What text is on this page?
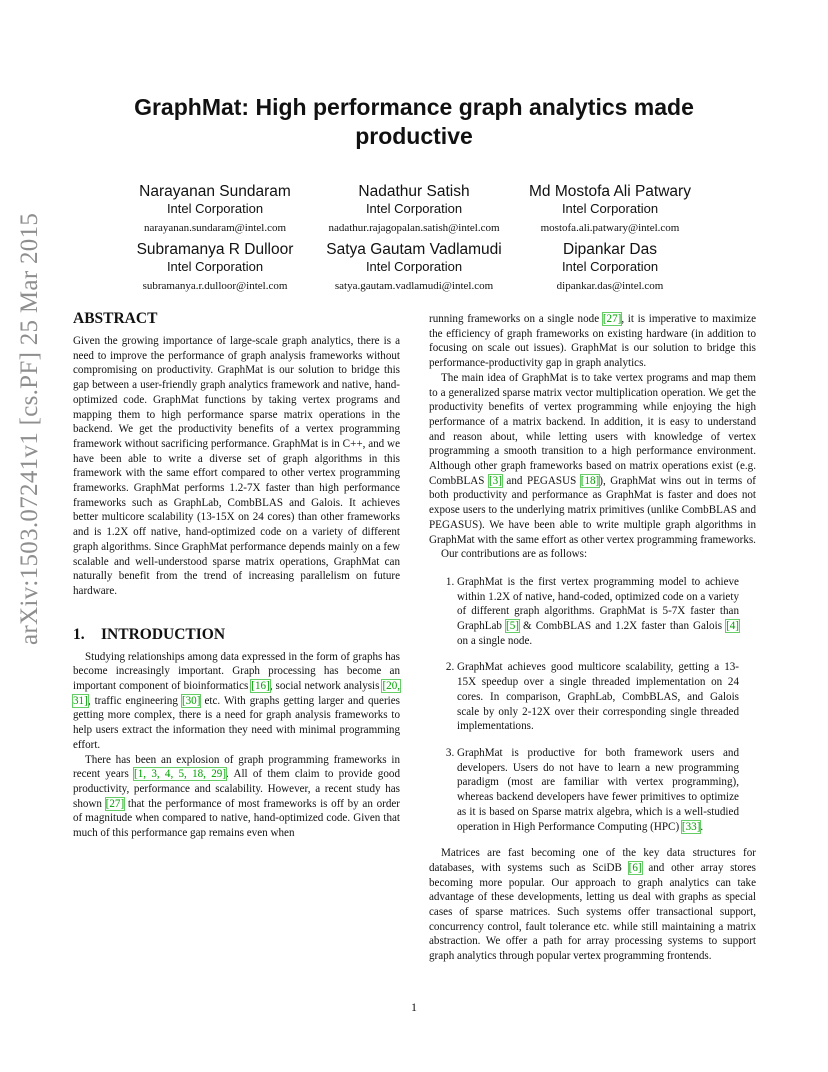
GraphMat: High performance graph analytics made productive
Narayanan Sundaram
Intel Corporation
narayanan.sundaram@intel.com
Nadathur Satish
Intel Corporation
nadathur.rajagopalan.satish@intel.com
Md Mostofa Ali Patwary
Intel Corporation
mostofa.ali.patwary@intel.com
Subramanya R Dulloor
Intel Corporation
subramanya.r.dulloor@intel.com
Satya Gautam Vadlamudi
Intel Corporation
satya.gautam.vadlamudi@intel.com
Dipankar Das
Intel Corporation
dipankar.das@intel.com
arXiv:1503.07241v1 [cs.PF] 25 Mar 2015 ABSTRACT

Given the growing importance of large-scale graph analytics, there is a need to improve the performance of graph analysis frameworks without compromising on productivity. GraphMat is our solution to bridge this gap between a user-friendly graph analytics framework and native, hand-optimized code. GraphMat functions by taking vertex programs and mapping them to high performance sparse matrix operations in the backend. We get the productivity benefits of a vertex programming framework without sacrificing performance. GraphMat is in C++, and we have been able to write a diverse set of graph algorithms in this framework with the same effort compared to other vertex programming frameworks. GraphMat performs 1.2-7X faster than high performance frameworks such as GraphLab, CombBLAS and Galois. It achieves better multicore scalability (13-15X on 24 cores) than other frameworks and is 1.2X off native, hand-optimized code on a variety of different graph algorithms. Since GraphMat performance depends mainly on a few scalable and well-understood sparse matrix operations, GraphMat can naturally benefit from the trend of increasing parallelism on future hardware.

1. INTRODUCTION

Studying relationships among data expressed in the form of graphs has become increasingly important. Graph processing has become an important component of bioinformatics [16], social network analysis [20, 31], traffic engineering [30] etc. With graphs getting larger and queries getting more complex, there is a need for graph analysis frameworks to help users extract the information they need with minimal programming effort.

There has been an explosion of graph programming frameworks in recent years [1, 3, 4, 5, 18, 29]. All of them claim to provide good productivity, performance and scalability. However, a recent study has shown [27] that the performance of most frameworks is off by an order of magnitude when compared to native, hand-optimized code. Given that much of this performance gap remains even when

running frameworks on a single node [27], it is imperative to maximize the efficiency of graph frameworks on existing hardware (in addition to focusing on scale out issues). GraphMat is our solution to bridge this performance-productivity gap in graph analytics.

The main idea of GraphMat is to take vertex programs and map them to a generalized sparse matrix vector multiplication operation. We get the productivity benefits of vertex programming while enjoying the high performance of a matrix backend. In addition, it is easy to understand and reason about, while letting users with knowledge of vertex programming a smooth transition to a high performance environment. Although other graph frameworks based on matrix operations exist (e.g. CombBLAS [3] and PEGASUS [18]), GraphMat wins out in terms of both productivity and performance as GraphMat is faster and does not expose users to the underlying matrix primitives (unlike CombBLAS and PEGASUS). We have been able to write multiple graph algorithms in GraphMat with the same effort as other vertex programming frameworks.

Our contributions are as follows:

1. GraphMat is the first vertex programming model to achieve within 1.2X of native, hand-coded, optimized code on a variety of different graph algorithms. GraphMat is 5-7X faster than GraphLab [5] & CombBLAS and 1.2X faster than Galois [4] on a single node.
2. GraphMat achieves good multicore scalability, getting a 13-15X speedup over a single threaded implementation on 24 cores. In comparison, GraphLab, CombBLAS, and Galois scale by only 2-12X over their corresponding single threaded implementations.
3. GraphMat is productive for both framework users and developers. Users do not have to learn a new programming paradigm (most are familiar with vertex programming), whereas backend developers have fewer primitives to optimize as it is based on Sparse matrix algebra, which is a well-studied operation in High Performance Computing (HPC) [33].

Matrices are fast becoming one of the key data structures for databases, with systems such as SciDB [6] and other array stores becoming more popular. Our approach to graph analytics can take advantage of these developments, letting us deal with graphs as special cases of sparse matrices. Such systems offer transactional support, concurrency control, fault tolerance etc. while still maintaining a matrix abstraction. We offer a path for array processing systems to support graph analytics through popular vertex programming frontends.

1
